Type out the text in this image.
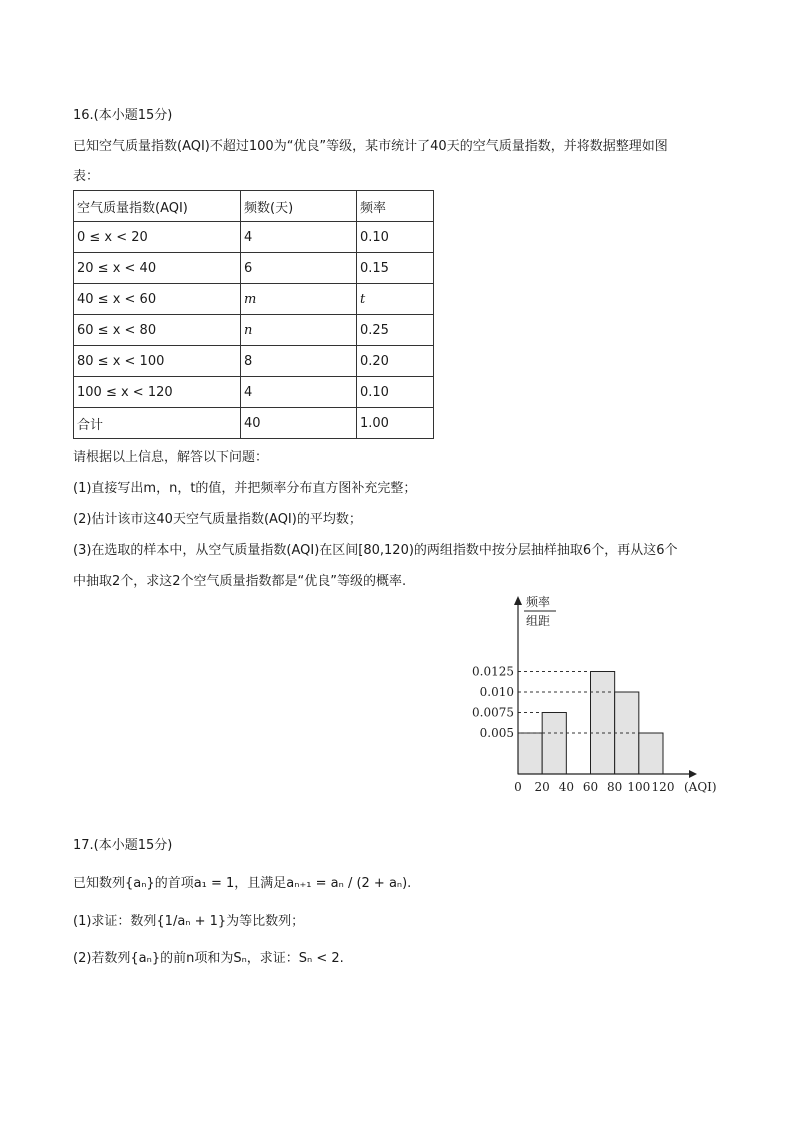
16.(本小题15分)
已知空气质量指数(AQI)不超过100为“优良”等级，某市统计了40天的空气质量指数，并将数据整理如图
表：
空气质量指数(AQI)	频数(天)	频率
0 ≤ x < 20	4	0.10
20 ≤ x < 40	6	0.15
40 ≤ x < 60	m	t
60 ≤ x < 80	n	0.25
80 ≤ x < 100	8	0.20
100 ≤ x < 120	4	0.10
合计	40	1.00
请根据以上信息，解答以下问题：
(1)直接写出m，n，t的值，并把频率分布直方图补充完整；
(2)估计该市这40天空气质量指数(AQI)的平均数；
(3)在选取的样本中，从空气质量指数(AQI)在区间[80,120)的两组指数中按分层抽样抽取6个，再从这6个
中抽取2个，求这2个空气质量指数都是“优良”等级的概率.
频率
组距
(AQI)
0 20 40 60 80 100 120
0.005
0.0075
0.010
0.0125
17.(本小题15分)
已知数列{aₙ}的首项a₁ = 1，且满足aₙ₊₁ = aₙ / (2 + aₙ).
(1)求证：数列{1/aₙ + 1}为等比数列；
(2)若数列{aₙ}的前n项和为Sₙ，求证：Sₙ < 2.
